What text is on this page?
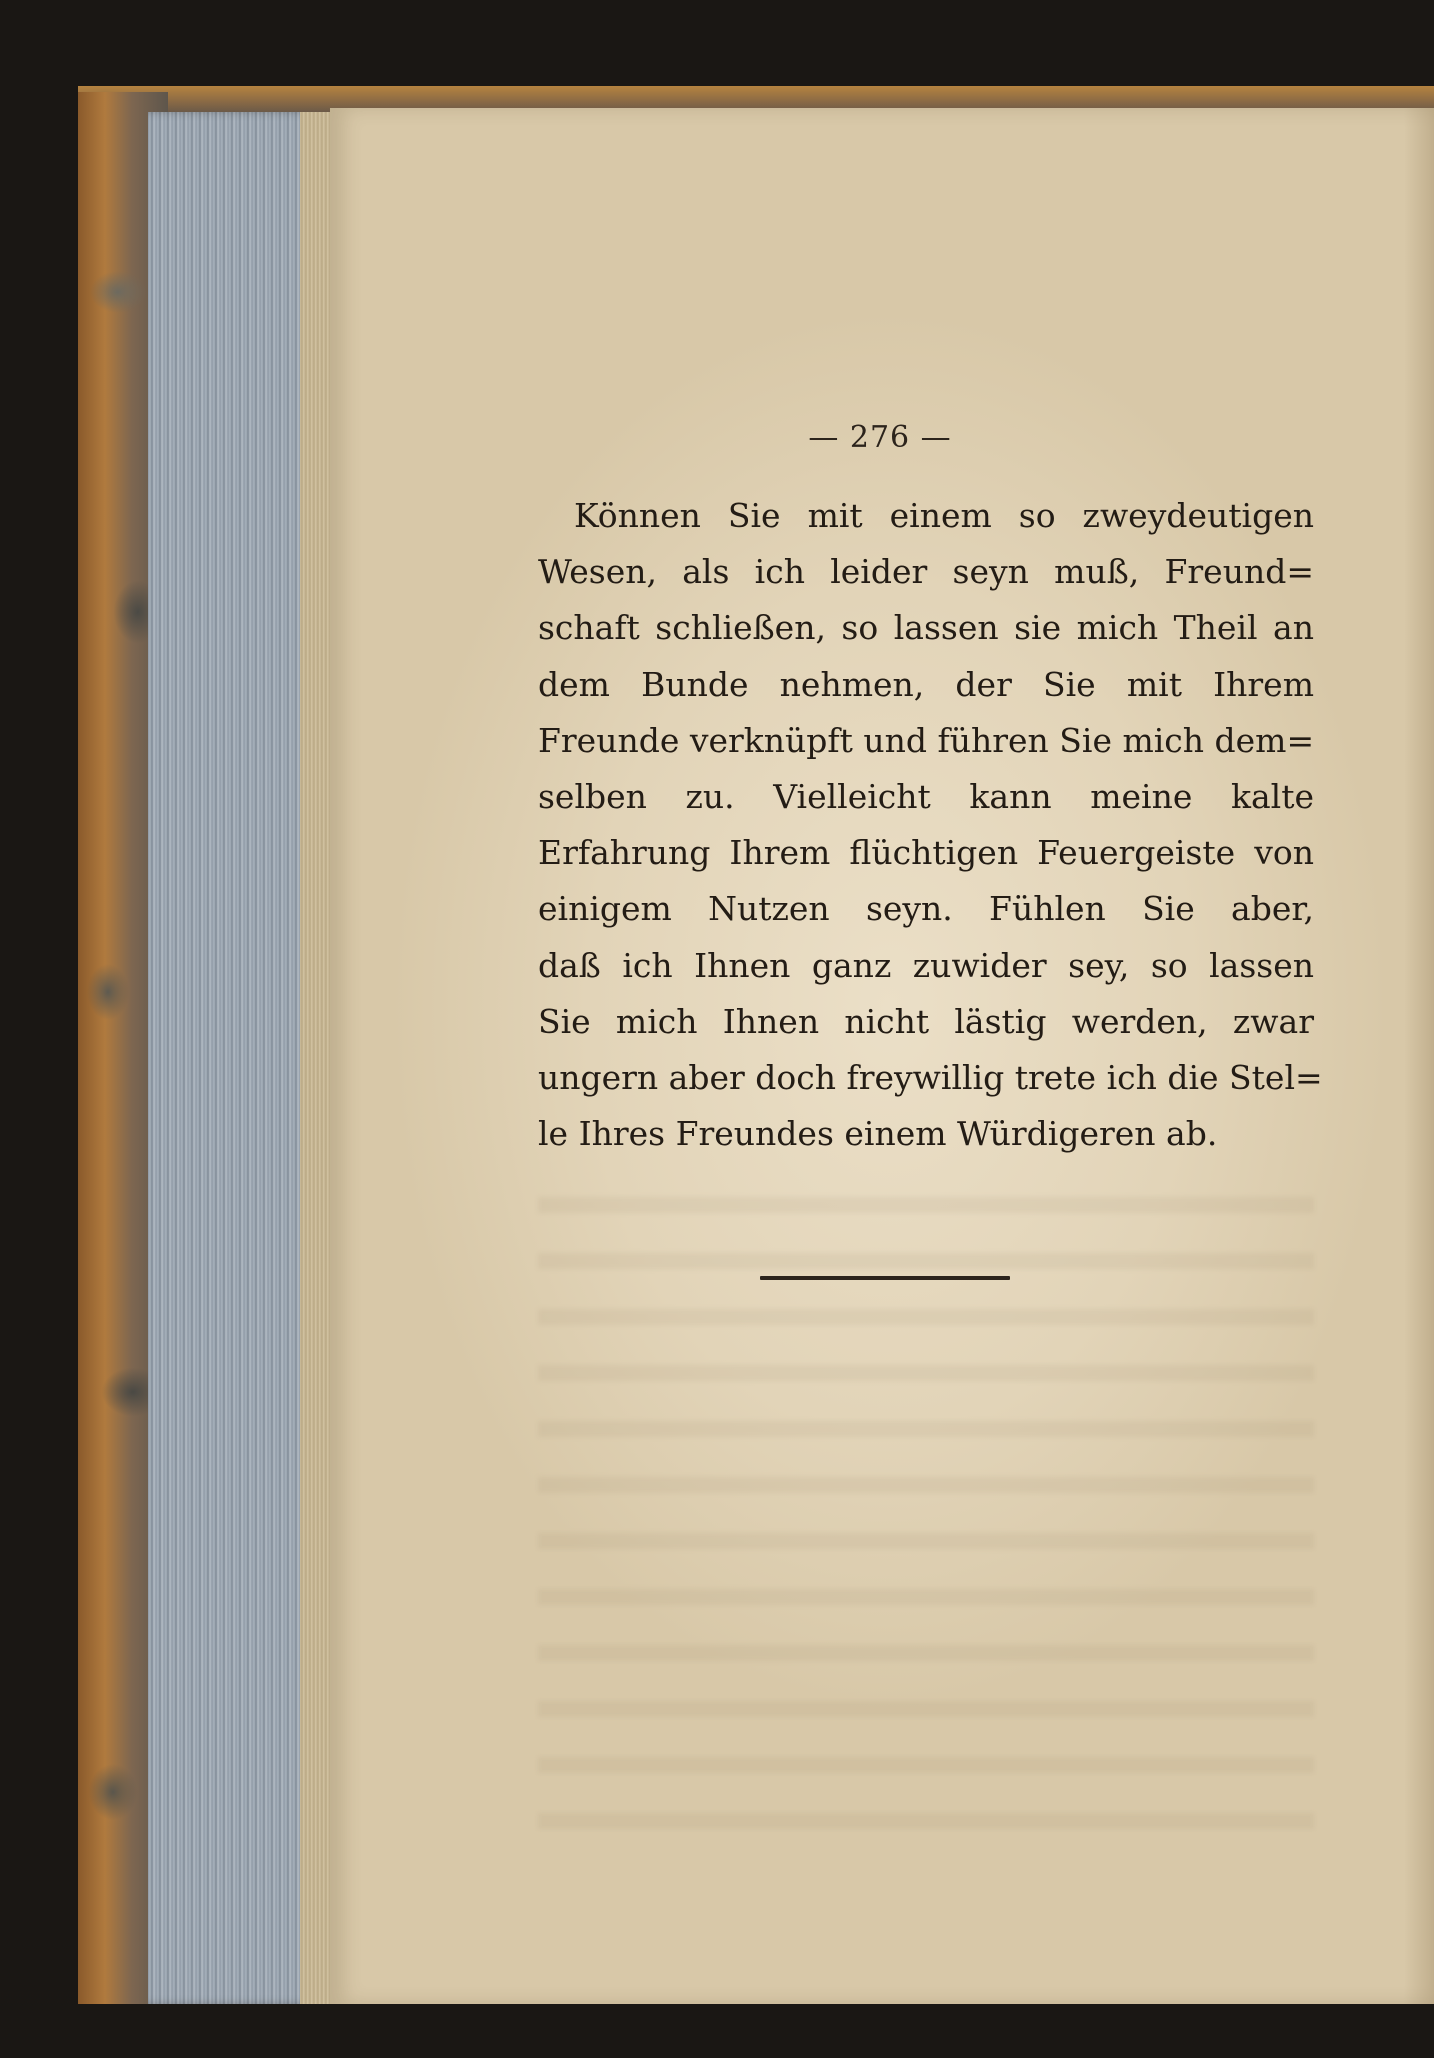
— 276 —
Können Sie mit einem so zweydeutigen
Wesen, als ich leider seyn muß, Freund=
schaft schließen, so lassen sie mich Theil an
dem Bunde nehmen, der Sie mit Ihrem
Freunde verknüpft und führen Sie mich dem=
selben zu. Vielleicht kann meine kalte
Erfahrung Ihrem flüchtigen Feuergeiste von
einigem Nutzen seyn. Fühlen Sie aber,
daß ich Ihnen ganz zuwider sey, so lassen
Sie mich Ihnen nicht lästig werden, zwar
ungern aber doch freywillig trete ich die Stel=
le Ihres Freundes einem Würdigeren ab.
